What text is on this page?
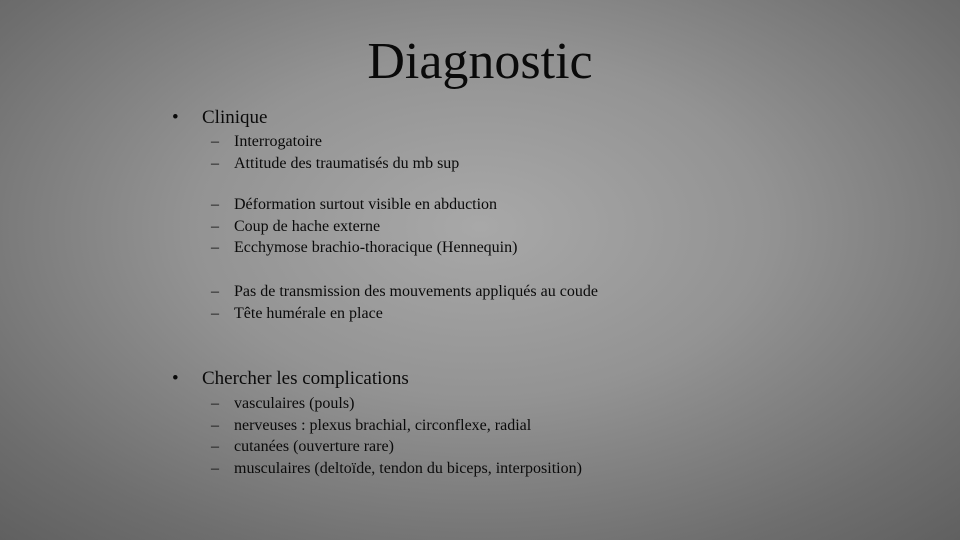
Diagnostic
• Clinique
– Interrogatoire
– Attitude des traumatisés du mb sup
– Déformation surtout visible en abduction
– Coup de hache externe
– Ecchymose brachio-thoracique (Hennequin)
– Pas de transmission des mouvements appliqués au coude
– Tête humérale en place
• Chercher les complications
– vasculaires (pouls)
– nerveuses : plexus brachial, circonflexe, radial
– cutanées (ouverture rare)
– musculaires (deltoïde, tendon du biceps, interposition)
